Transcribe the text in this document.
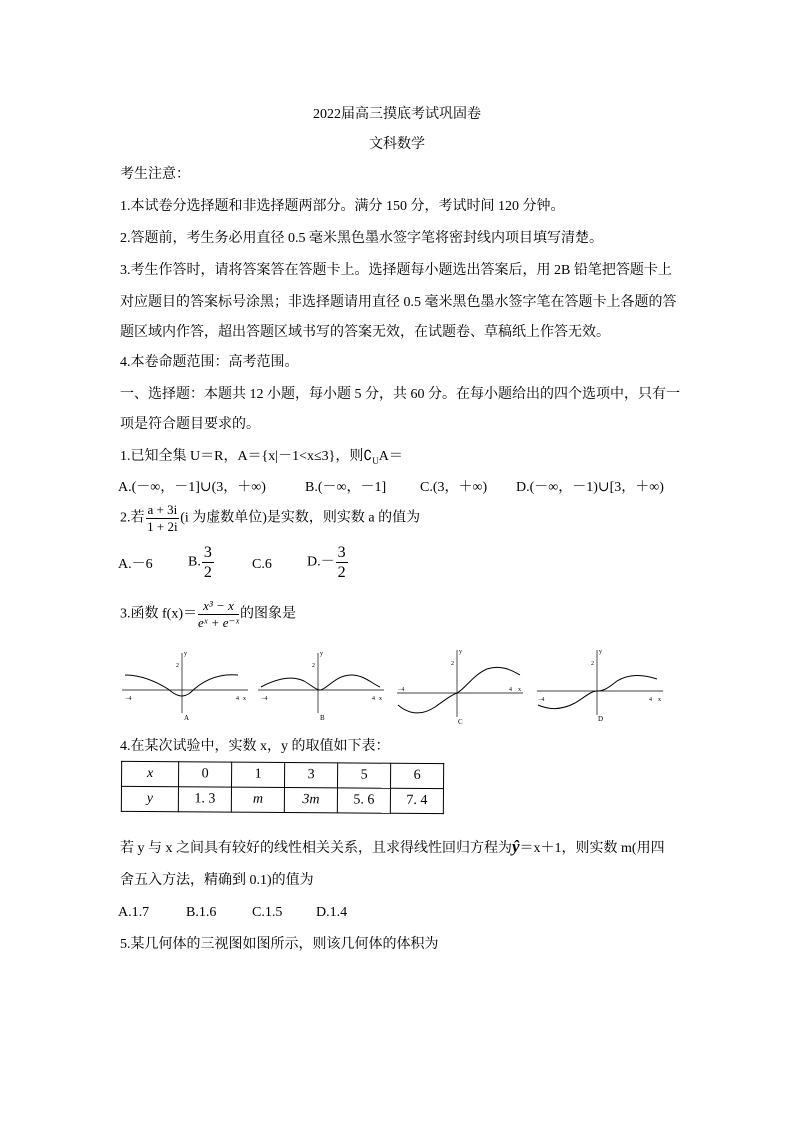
2022届高三摸底考试巩固卷
文科数学
考生注意：
1.本试卷分选择题和非选择题两部分。满分 150 分，考试时间 120 分钟。
2.答题前，考生务必用直径 0.5 毫米黑色墨水签字笔将密封线内项目填写清楚。
3.考生作答时，请将答案答在答题卡上。选择题每小题选出答案后，用 2B 铅笔把答题卡上
对应题目的答案标号涂黑；非选择题请用直径 0.5 毫米黑色墨水签字笔在答题卡上各题的答
题区域内作答，超出答题区域书写的答案无效，在试题卷、草稿纸上作答无效。
4.本卷命题范围：高考范围。
一、选择题：本题共 12 小题，每小题 5 分，共 60 分。在每小题给出的四个选项中，只有一
项是符合题目要求的。
1.已知全集 U＝R，A＝{x|－1<x≤3}，则$∁_UA=$
A.(－∞，－1]∪(3，＋∞)	B.(－∞，－1] C.(3，＋∞) D.(－∞，－1)∪[3，＋∞)
2.若 $\frac{a + 3i}{1 + 2i} (i$ 为虚数单位)是实数，则实数 a 的值为
A.－6	B. $\frac{3}{2}$	C.6	$D.- \frac{3}{2}$
3.函数 $f(x)= \frac{\text{x³ − x}}{\text{eˣ + e⁻ˣ}}$ 的图象是
−4	4 x
2
y
A
−4	4 x
2
y
B
−4	4 x
2
y
C
−4	4 x
2
y
D
4.在某次试验中，实数 x，y 的取值如下表：
x	0	1	3	5	6
y	1. 3	m	3m	5. 6	7. 4
若 y 与 x 之间具有较好的线性相关关系，且求得线性回归方程为ŷ＝x＋1，则实数 m(用四
舍五入方法，精确到 0.1)的值为
A.1.7	B.1.6	C.1.5 D.1.4
5.某几何体的三视图如图所示，则该几何体的体积为
